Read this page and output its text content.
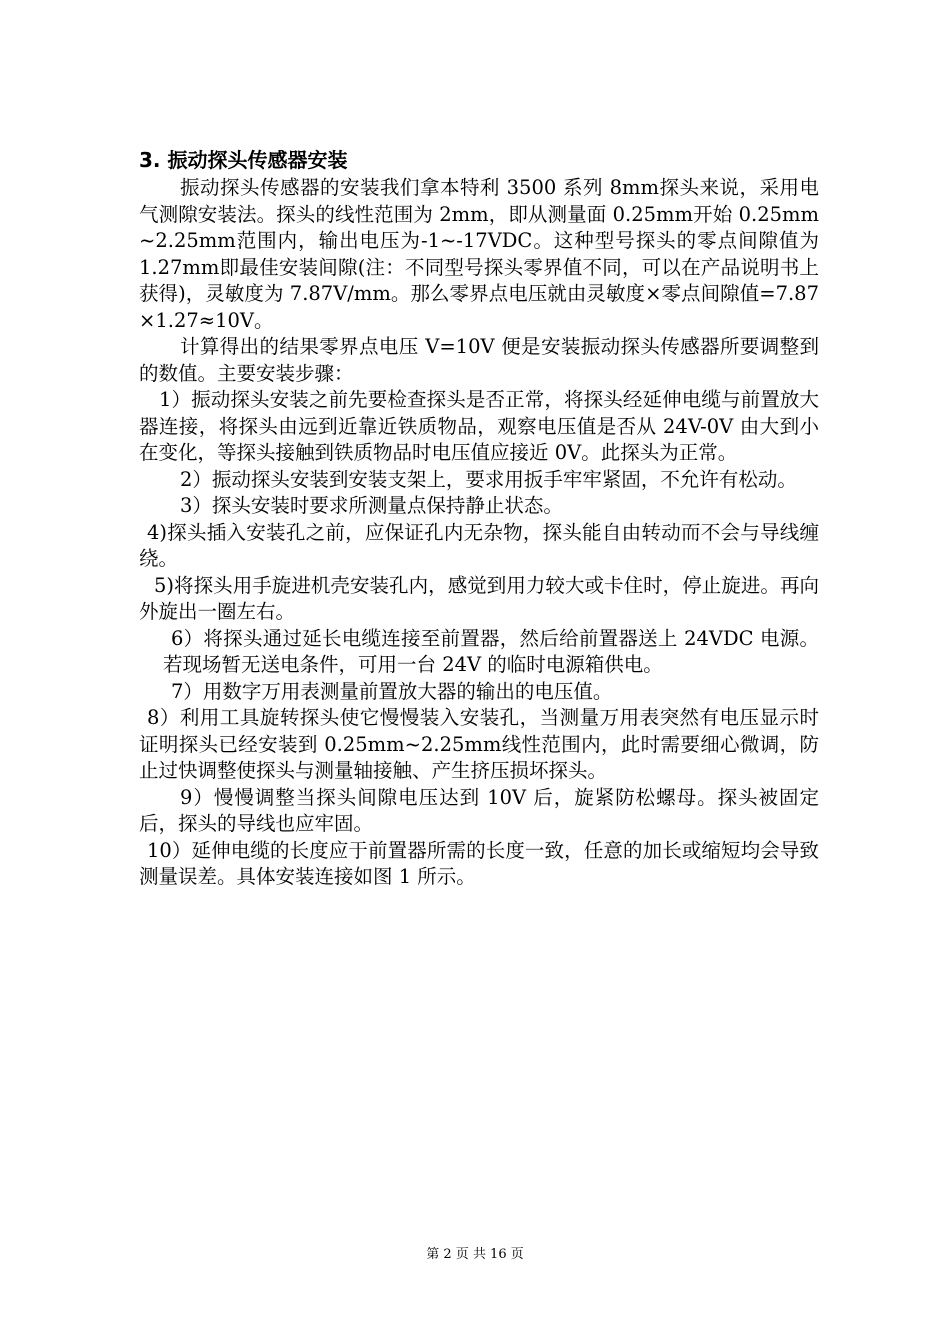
3. 振动探头传感器安装

振动探头传感器的安装我们拿本特利 3500 系列 8mm探头来说，采用电气测隙安装法。探头的线性范围为 2mm，即从测量面 0.25mm开始 0.25mm~2.25mm范围内，输出电压为-1~-17VDC。这种型号探头的零点间隙值为 1.27mm即最佳安装间隙(注：不同型号探头零界值不同，可以在产品说明书上获得)，灵敏度为 7.87V/mm。那么零界点电压就由灵敏度×零点间隙值=7.87×1.27≈10V。

计算得出的结果零界点电压 V=10V 便是安装振动探头传感器所要调整到的数值。主要安装步骤：

1）振动探头安装之前先要检查探头是否正常，将探头经延伸电缆与前置放大器连接，将探头由远到近靠近铁质物品，观察电压值是否从 24V-0V 由大到小在变化，等探头接触到铁质物品时电压值应接近 0V。此探头为正常。

2）振动探头安装到安装支架上，要求用扳手牢牢紧固，不允许有松动。

3）探头安装时要求所测量点保持静止状态。

4)探头插入安装孔之前，应保证孔内无杂物，探头能自由转动而不会与导线缠绕。

5)将探头用手旋进机壳安装孔内，感觉到用力较大或卡住时，停止旋进。再向外旋出一圈左右。

6）将探头通过延长电缆连接至前置器，然后给前置器送上 24VDC 电源。若现场暂无送电条件，可用一台 24V 的临时电源箱供电。

7）用数字万用表测量前置放大器的输出的电压值。

8）利用工具旋转探头使它慢慢装入安装孔，当测量万用表突然有电压显示时证明探头已经安装到 0.25mm~2.25mm线性范围内，此时需要细心微调，防止过快调整使探头与测量轴接触、产生挤压损坏探头。

9）慢慢调整当探头间隙电压达到 10V 后，旋紧防松螺母。探头被固定后，探头的导线也应牢固。

10）延伸电缆的长度应于前置器所需的长度一致，任意的加长或缩短均会导致测量误差。具体安装连接如图 1 所示。

第 2 页 共 16 页
